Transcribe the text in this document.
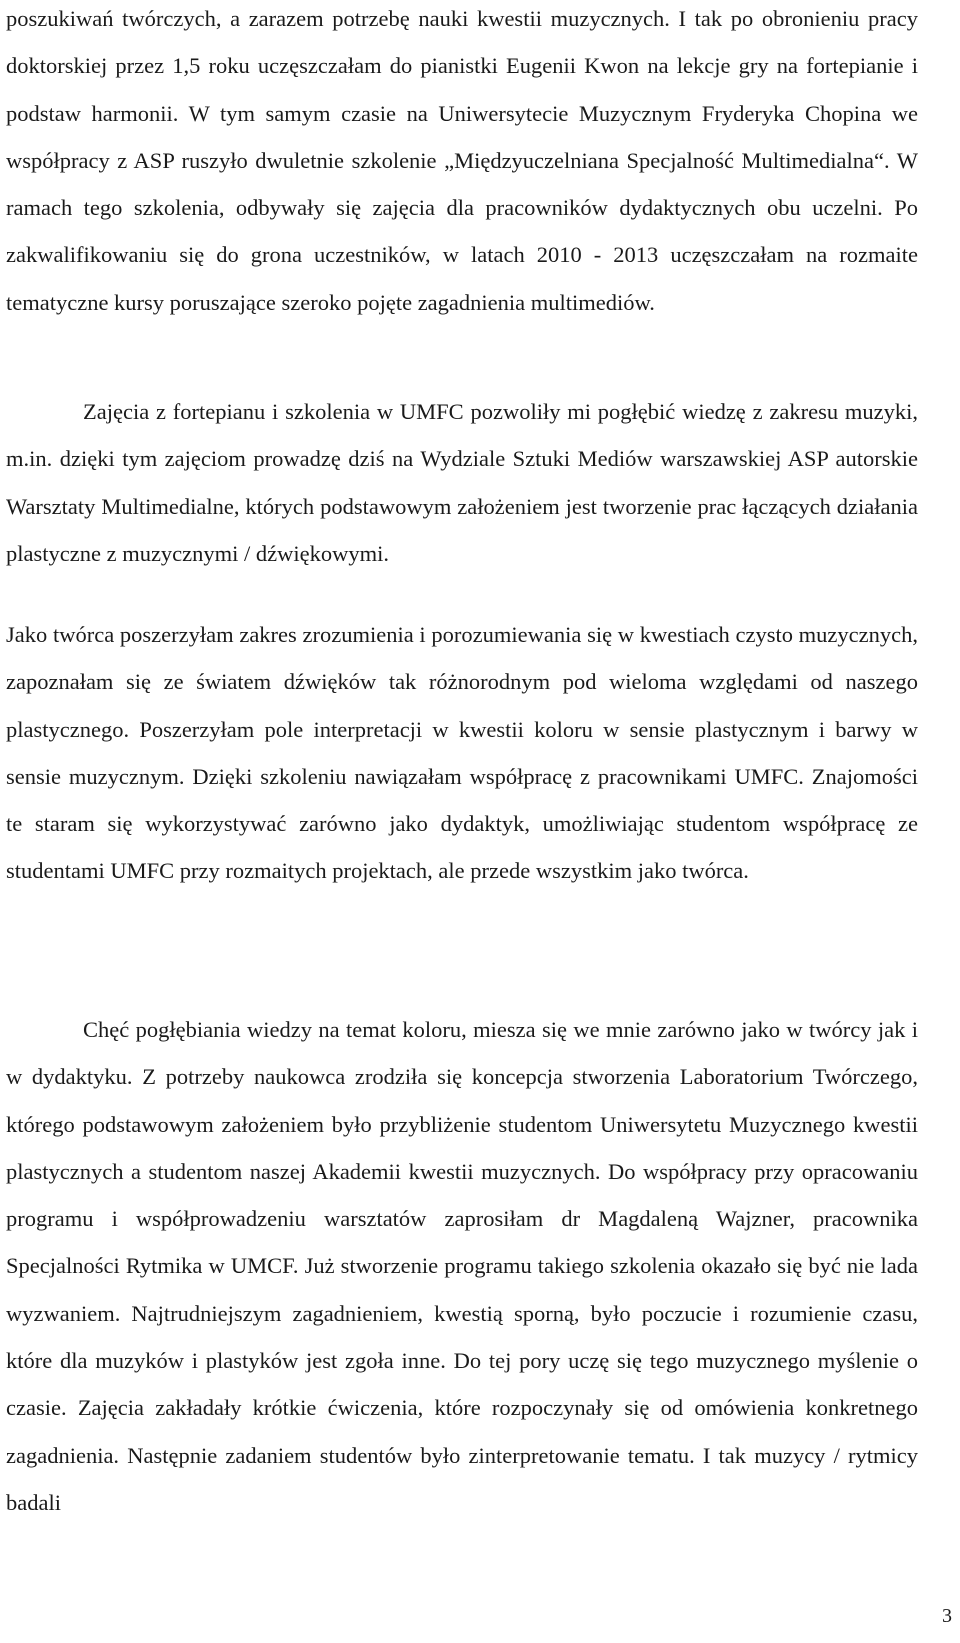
poszukiwań twórczych, a zarazem potrzebę nauki kwestii muzycznych. I tak po obronieniu pracy doktorskiej przez 1,5 roku uczęszczałam do pianistki Eugenii Kwon na lekcje gry na fortepianie i podstaw harmonii. W tym samym czasie na Uniwersytecie Muzycznym Fryderyka Chopina we współpracy z ASP ruszyło dwuletnie szkolenie „Międzyuczelniana Specjalność Multimedialna“. W ramach tego szkolenia, odbywały się zajęcia dla pracowników dydaktycznych obu uczelni. Po zakwalifikowaniu się do grona uczestników, w latach 2010 - 2013 uczęszczałam na rozmaite tematyczne kursy poruszające szeroko pojęte zagadnienia multimediów.

Zajęcia z fortepianu i szkolenia w UMFC pozwoliły mi pogłębić wiedzę z zakresu muzyki, m.in. dzięki tym zajęciom prowadzę dziś na Wydziale Sztuki Mediów warszawskiej ASP autorskie Warsztaty Multimedialne, których podstawowym założeniem jest tworzenie prac łączących działania plastyczne z muzycznymi / dźwiękowymi.

Jako twórca poszerzyłam zakres zrozumienia i porozumiewania się w kwestiach czysto muzycznych, zapoznałam się ze światem dźwięków tak różnorodnym pod wieloma względami od naszego plastycznego. Poszerzyłam pole interpretacji w kwestii koloru w sensie plastycznym i barwy w sensie muzycznym. Dzięki szkoleniu nawiązałam współpracę z pracownikami UMFC. Znajomości te staram się wykorzystywać zarówno jako dydaktyk, umożliwiając studentom współpracę ze studentami UMFC przy rozmaitych projektach, ale przede wszystkim jako twórca.

Chęć pogłębiania wiedzy na temat koloru, miesza się we mnie zarówno jako w twórcy jak i w dydaktyku. Z potrzeby naukowca zrodziła się koncepcja stworzenia Laboratorium Twórczego, którego podstawowym założeniem było przybliżenie studentom Uniwersytetu Muzycznego kwestii plastycznych a studentom naszej Akademii kwestii muzycznych. Do współpracy przy opracowaniu programu i współprowadzeniu warsztatów zaprosiłam dr Magdaleną Wajzner, pracownika Specjalności Rytmika w UMCF. Już stworzenie programu takiego szkolenia okazało się być nie lada wyzwaniem. Najtrudniejszym zagadnieniem, kwestią sporną, było poczucie i rozumienie czasu, które dla muzyków i plastyków jest zgoła inne. Do tej pory uczę się tego muzycznego myślenie o czasie. Zajęcia zakładały krótkie ćwiczenia, które rozpoczynały się od omówienia konkretnego zagadnienia. Następnie zadaniem studentów było zinterpretowanie tematu. I tak muzycy / rytmicy badali

3
